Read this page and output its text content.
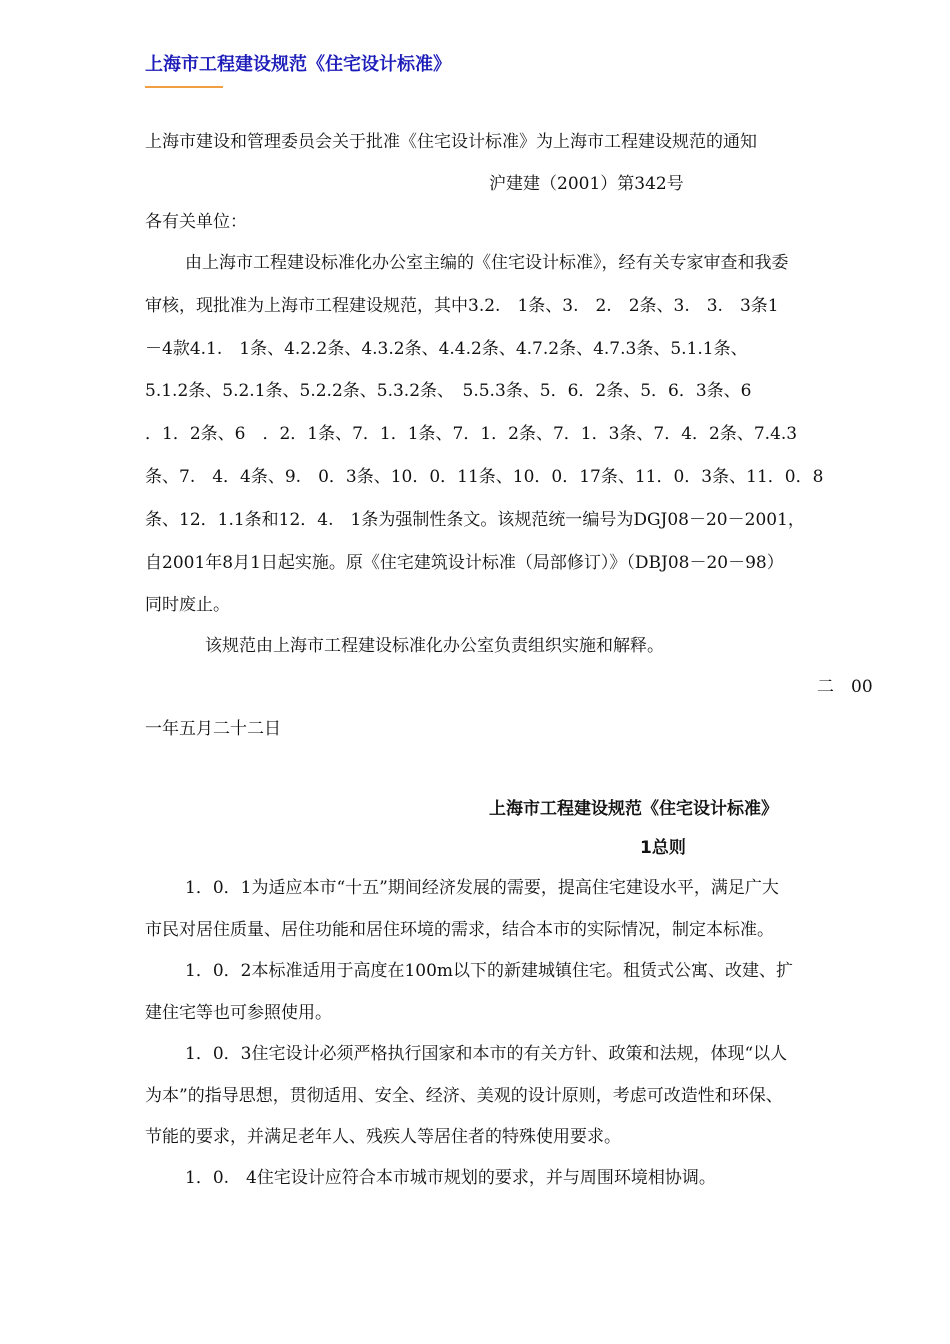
上海市工程建设规范《住宅设计标准》
上海市建设和管理委员会关于批准《住宅设计标准》为上海市工程建设规范的通知
沪建建（2001）第342号
各有关单位：
由上海市工程建设标准化办公室主编的《住宅设计标准》，经有关专家审查和我委
审核，现批准为上海市工程建设规范，其中3.2.　1条、3.　2.　2条、3.　3.　3条1
－4款4.1.　1条、4.2.2条、4.3.2条、4.4.2条、4.7.2条、4.7.3条、5.1.1条、
5.1.2条、5.2.1条、5.2.2条、5.3.2条、　5.5.3条、5．6．2条、5．6．3条、6
．1．2条、6　．2．1条、7．1．1条、7．1．2条、7．1．3条、7．4．2条、7.4.3
条、7.　4．4条、9.　0．3条、10．0．11条、10．0．17条、11．0．3条、11．0．8
条、12．1.1条和12．4.　1条为强制性条文。该规范统一编号为DGJ08－20－2001，
自2001年8月1日起实施。原《住宅建筑设计标准（局部修订）》（DBJ08－20－98）
同时废止。
该规范由上海市工程建设标准化办公室负责组织实施和解释。
二　00
一年五月二十二日
上海市工程建设规范《住宅设计标准》
1总则
1．0．1为适应本市“十五”期间经济发展的需要，提高住宅建设水平，满足广大
市民对居住质量、居住功能和居住环境的需求，结合本市的实际情况，制定本标准。
1．0．2本标准适用于高度在100m以下的新建城镇住宅。租赁式公寓、改建、扩
建住宅等也可参照使用。
1．0．3住宅设计必须严格执行国家和本市的有关方针、政策和法规，体现“以人
为本”的指导思想，贯彻适用、安全、经济、美观的设计原则，考虑可改造性和环保、
节能的要求，并满足老年人、残疾人等居住者的特殊使用要求。
1．0.　4住宅设计应符合本市城市规划的要求，并与周围环境相协调。
